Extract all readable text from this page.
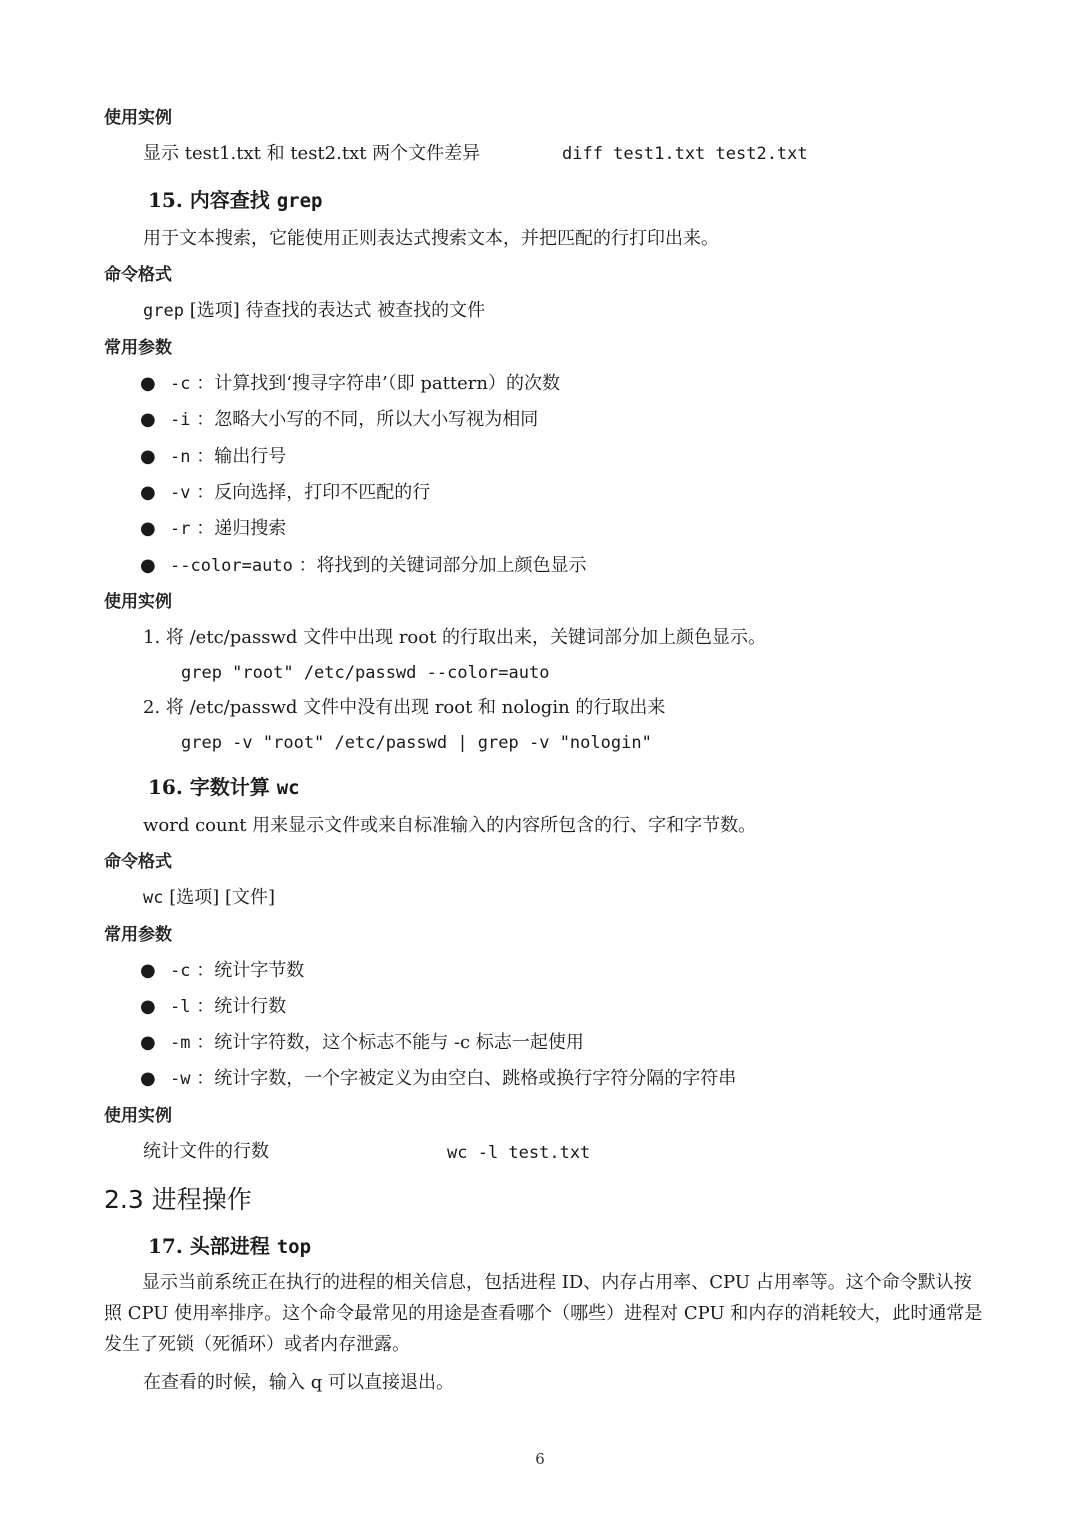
使用实例
显示 test1.txt 和 test2.txt 两个文件差异	diff test1.txt test2.txt
15. 内容查找 grep
用于文本搜索，它能使用正则表达式搜索文本，并把匹配的行打印出来。
命令格式
grep [选项] 待查找的表达式 被查找的文件
常用参数
● -c ：计算找到‘搜寻字符串’（即 pattern）的次数
● -i ：忽略大小写的不同，所以大小写视为相同
● -n ：输出行号
● -v ：反向选择，打印不匹配的行
● -r ：递归搜索
● --color=auto ：将找到的关键词部分加上颜色显示
使用实例
1. 将 /etc/passwd 文件中出现 root 的行取出来，关键词部分加上颜色显示。
grep "root" /etc/passwd --color=auto
2. 将 /etc/passwd 文件中没有出现 root 和 nologin 的行取出来
grep -v "root" /etc/passwd | grep -v "nologin"
16. 字数计算 wc
word count 用来显示文件或来自标准输入的内容所包含的行、字和字节数。
命令格式
wc [选项] [文件]
常用参数
● -c ：统计字节数
● -l ：统计行数
● -m ：统计字符数，这个标志不能与 -c 标志一起使用
● -w ：统计字数，一个字被定义为由空白、跳格或换行字符分隔的字符串
使用实例
统计文件的行数	wc -l test.txt
2.3 进程操作
17. 头部进程 top
显示当前系统正在执行的进程的相关信息，包括进程 ID、内存占用率、CPU 占用率等。这个命令默认按照 CPU 使用率排序。这个命令最常见的用途是查看哪个（哪些）进程对 CPU 和内存的消耗较大，此时通常是发生了死锁（死循环）或者内存泄露。
在查看的时候，输入 q 可以直接退出。
6
